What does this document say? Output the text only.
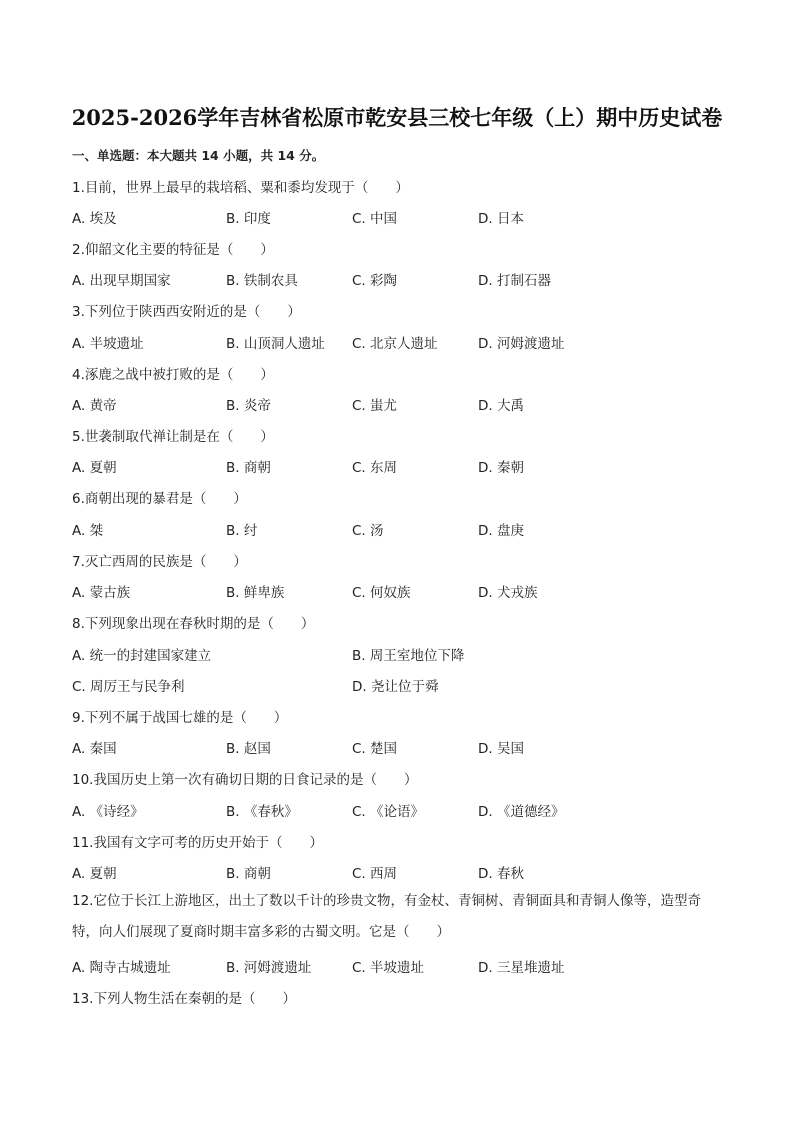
2025-2026学年吉林省松原市乾安县三校七年级（上）期中历史试卷
一、单选题：本大题共 14 小题，共 14 分。
1.目前，世界上最早的栽培稻、粟和黍均发现于（　　）
A. 埃及	B. 印度	C. 中国	D. 日本
2.仰韶文化主要的特征是（　　）
A. 出现早期国家	B. 铁制农具	C. 彩陶	D. 打制石器
3.下列位于陕西西安附近的是（　　）
A. 半坡遗址	B. 山顶洞人遗址 C. 北京人遗址	D. 河姆渡遗址
4.涿鹿之战中被打败的是（　　）
A. 黄帝	B. 炎帝	C. 蚩尤	D. 大禹
5.世袭制取代禅让制是在（　　）
A. 夏朝	B. 商朝	C. 东周	D. 秦朝
6.商朝出现的暴君是（　　）
A. 桀	B. 纣	C. 汤	D. 盘庚
7.灭亡西周的民族是（　　）
A. 蒙古族	B. 鲜卑族	C. 何奴族	D. 犬戎族
8.下列现象出现在春秋时期的是（　　）
A. 统一的封建国家建立	B. 周王室地位下降
C. 周厉王与民争利	D. 尧让位于舜
9.下列不属于战国七雄的是（　　）
A. 秦国	B. 赵国	C. 楚国	D. 吴国
10.我国历史上第一次有确切日期的日食记录的是（　　）
A. 《诗经》	B. 《春秋》	C. 《论语》	D. 《道德经》
11.我国有文字可考的历史开始于（　　）
A. 夏朝	B. 商朝	C. 西周	D. 春秋
12.它位于长江上游地区，出土了数以千计的珍贵文物，有金杖、青铜树、青铜面具和青铜人像等，造型奇特，向人们展现了夏商时期丰富多彩的古蜀文明。它是（　　）
A. 陶寺古城遗址	B. 河姆渡遗址	C. 半坡遗址	D. 三星堆遗址
13.下列人物生活在秦朝的是（　　）
